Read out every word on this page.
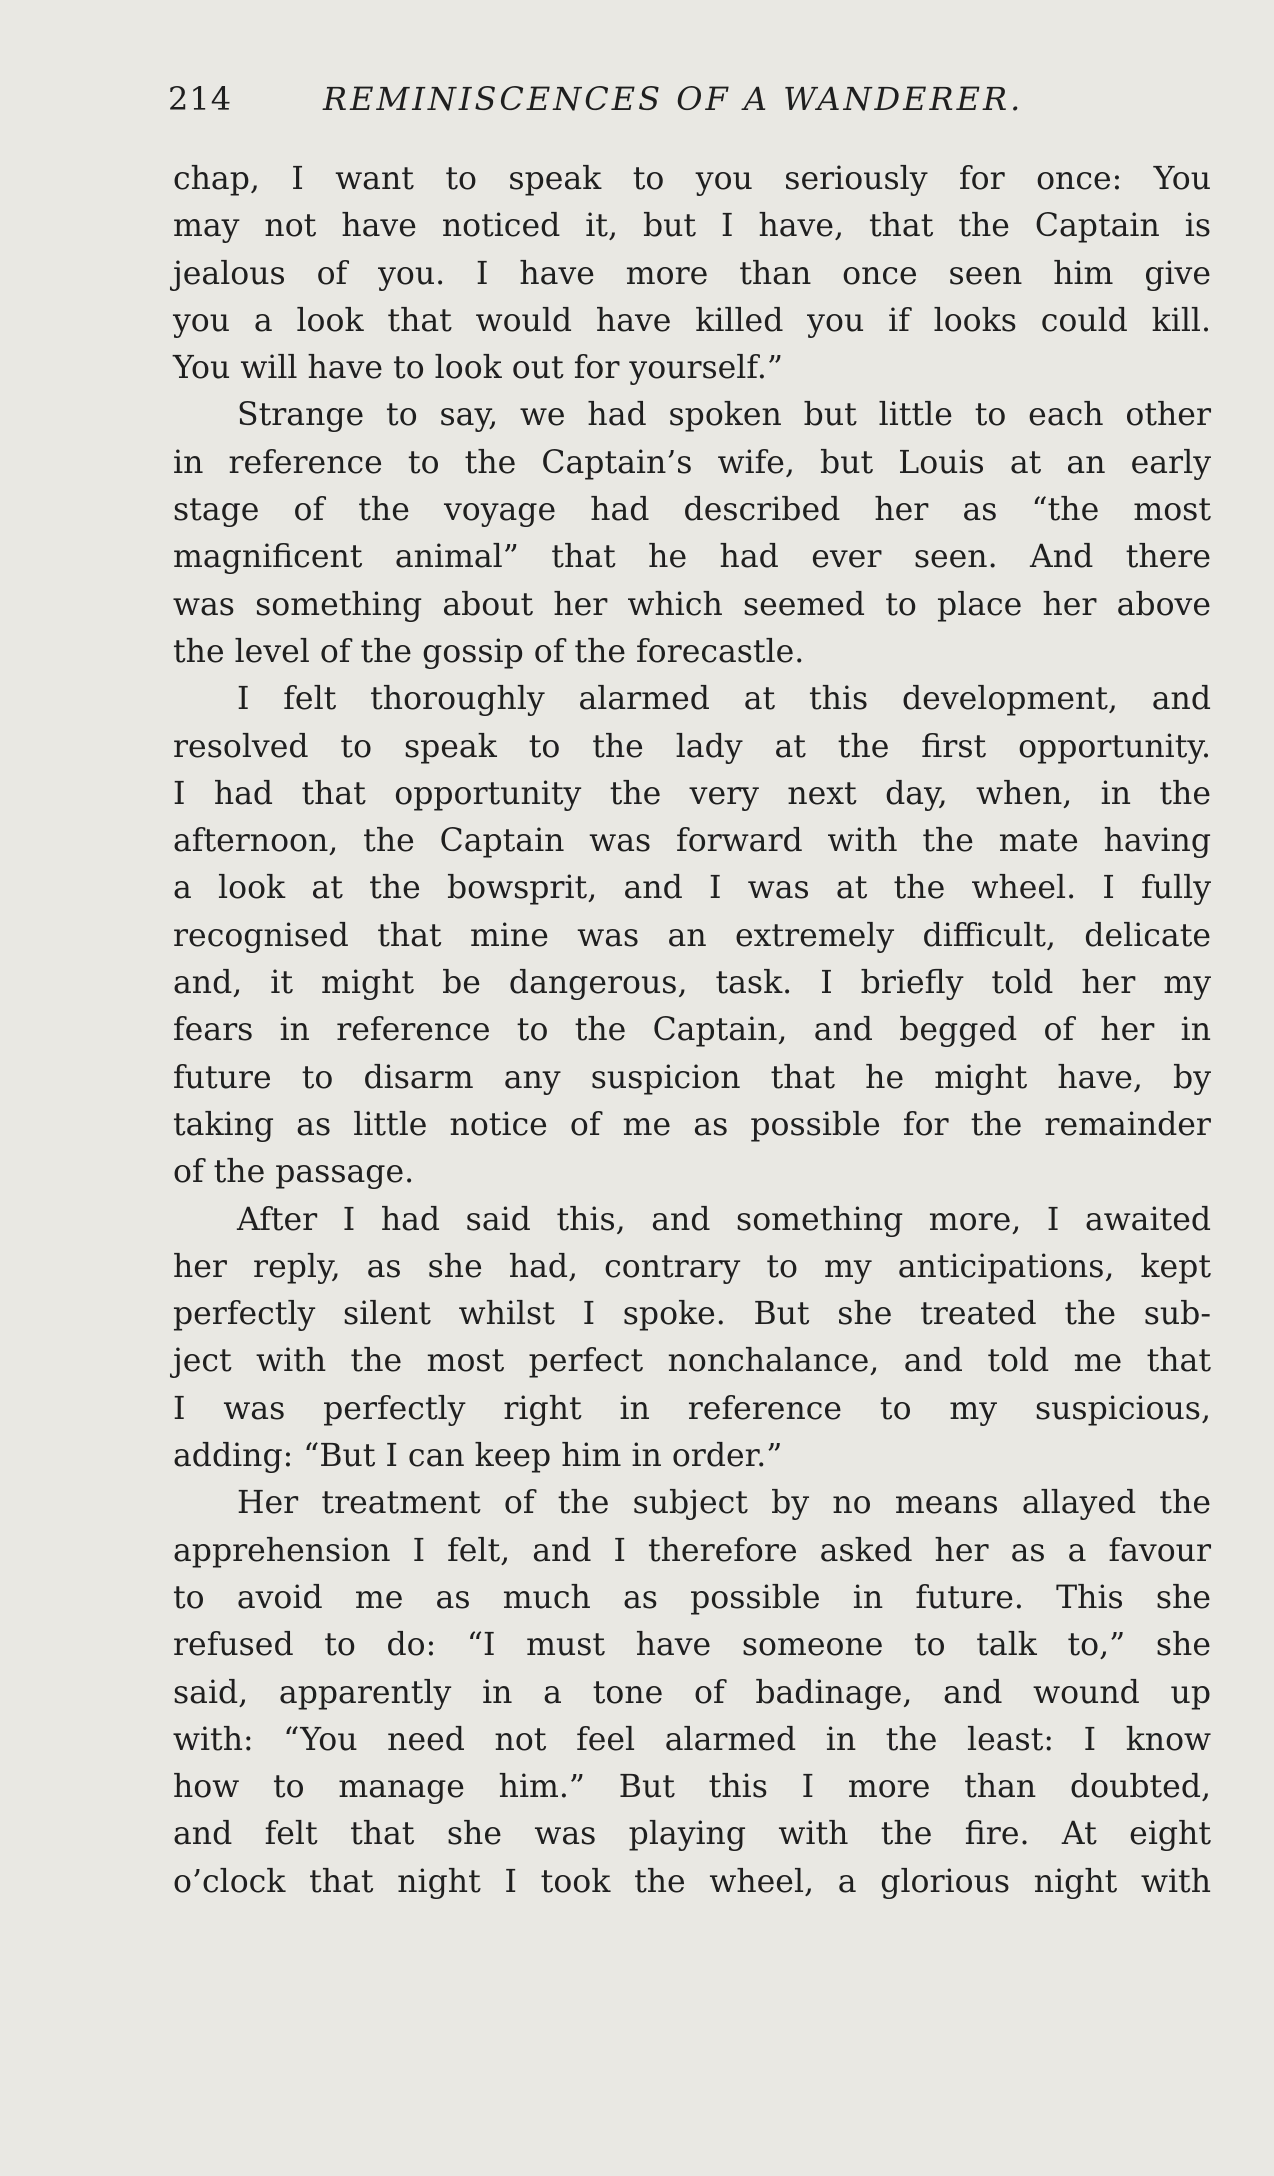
214	REMINISCENCES OF A WANDERER.
chap, I want to speak to you seriously for once: You
may not have noticed it, but I have, that the Captain is
jealous of you. I have more than once seen him give
you a look that would have killed you if looks could kill.
You will have to look out for yourself.”
Strange to say, we had spoken but little to each other
in reference to the Captain’s wife, but Louis at an early
stage of the voyage had described her as “the most
magnificent animal” that he had ever seen. And there
was something about her which seemed to place her above
the level of the gossip of the forecastle.
I felt thoroughly alarmed at this development, and
resolved to speak to the lady at the first opportunity.
I had that opportunity the very next day, when, in the
afternoon, the Captain was forward with the mate having
a look at the bowsprit, and I was at the wheel. I fully
recognised that mine was an extremely difficult, delicate
and, it might be dangerous, task. I briefly told her my
fears in reference to the Captain, and begged of her in
future to disarm any suspicion that he might have, by
taking as little notice of me as possible for the remainder
of the passage.
After I had said this, and something more, I awaited
her reply, as she had, contrary to my anticipations, kept
perfectly silent whilst I spoke. But she treated the sub-
ject with the most perfect nonchalance, and told me that
I was perfectly right in reference to my suspicious,
adding: “But I can keep him in order.”
Her treatment of the subject by no means allayed the
apprehension I felt, and I therefore asked her as a favour
to avoid me as much as possible in future. This she
refused to do: “I must have someone to talk to,” she
said, apparently in a tone of badinage, and wound up
with: “You need not feel alarmed in the least: I know
how to manage him.” But this I more than doubted,
and felt that she was playing with the fire. At eight
o’clock that night I took the wheel, a glorious night with
